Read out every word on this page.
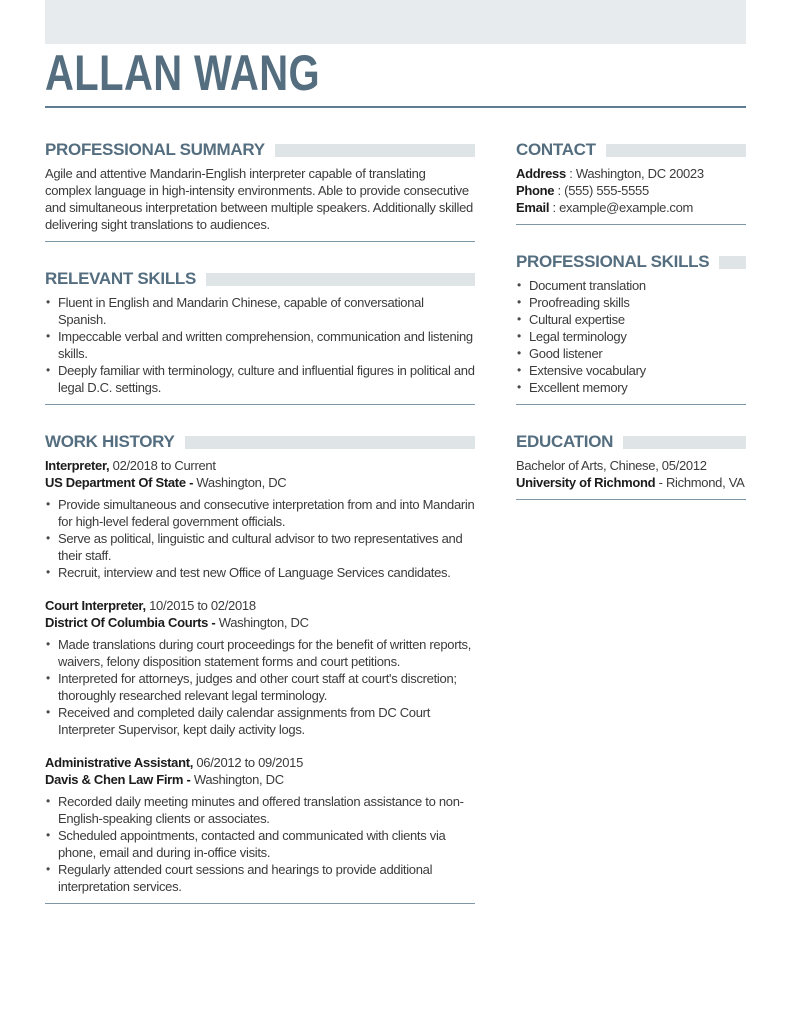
ALLAN WANG
PROFESSIONAL SUMMARY

Agile and attentive Mandarin-English interpreter capable of translating complex language in high-intensity environments. Able to provide consecutive and simultaneous interpretation between multiple speakers. Additionally skilled delivering sight translations to audiences.

RELEVANT SKILLS
• Fluent in English and Mandarin Chinese, capable of conversational Spanish.
• Impeccable verbal and written comprehension, communication and listening skills.
• Deeply familiar with terminology, culture and influential figures in political and legal D.C. settings.
WORK HISTORY
Interpreter, 02/2018 to Current
US Department Of State - Washington, DC
• Provide simultaneous and consecutive interpretation from and into Mandarin for high-level federal government officials.
• Serve as political, linguistic and cultural advisor to two representatives and their staff.
• Recruit, interview and test new Office of Language Services candidates.
Court Interpreter, 10/2015 to 02/2018
District Of Columbia Courts - Washington, DC
• Made translations during court proceedings for the benefit of written reports, waivers, felony disposition statement forms and court petitions.
• Interpreted for attorneys, judges and other court staff at court's discretion; thoroughly researched relevant legal terminology.
• Received and completed daily calendar assignments from DC Court Interpreter Supervisor, kept daily activity logs.
Administrative Assistant, 06/2012 to 09/2015
Davis & Chen Law Firm - Washington, DC
• Recorded daily meeting minutes and offered translation assistance to non-English-speaking clients or associates.
• Scheduled appointments, contacted and communicated with clients via phone, email and during in-office visits.
• Regularly attended court sessions and hearings to provide additional interpretation services.
CONTACT
Address : Washington, DC 20023
Phone : (555) 555-5555
Email : example@example.com
PROFESSIONAL SKILLS
• Document translation
• Proofreading skills
• Cultural expertise
• Legal terminology
• Good listener
• Extensive vocabulary
• Excellent memory
EDUCATION

Bachelor of Arts, Chinese, 05/2012

University of Richmond - Richmond, VA
